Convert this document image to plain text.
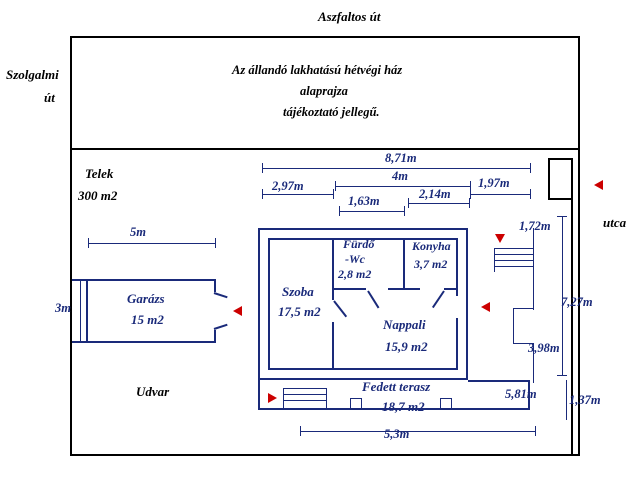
Aszfaltos út
Szolgalmi
út
utca
Az állandó lakhatású hétvégi ház
alaprajza
tájékoztató jellegű.
Telek
300 m2
Udvar
Garázs
15 m2
Szoba
17,5 m2
Fürdő
-Wc
2,8 m2
Konyha
3,7 m2
Nappali
15,9 m2
Fedett terasz
18,7 m2
8,71m
4m
2,97m	1,97m
1,63m	2,14m
5m
3m
1,72m
7,27m
3,98m
5,81m	1,37m
5,3m
